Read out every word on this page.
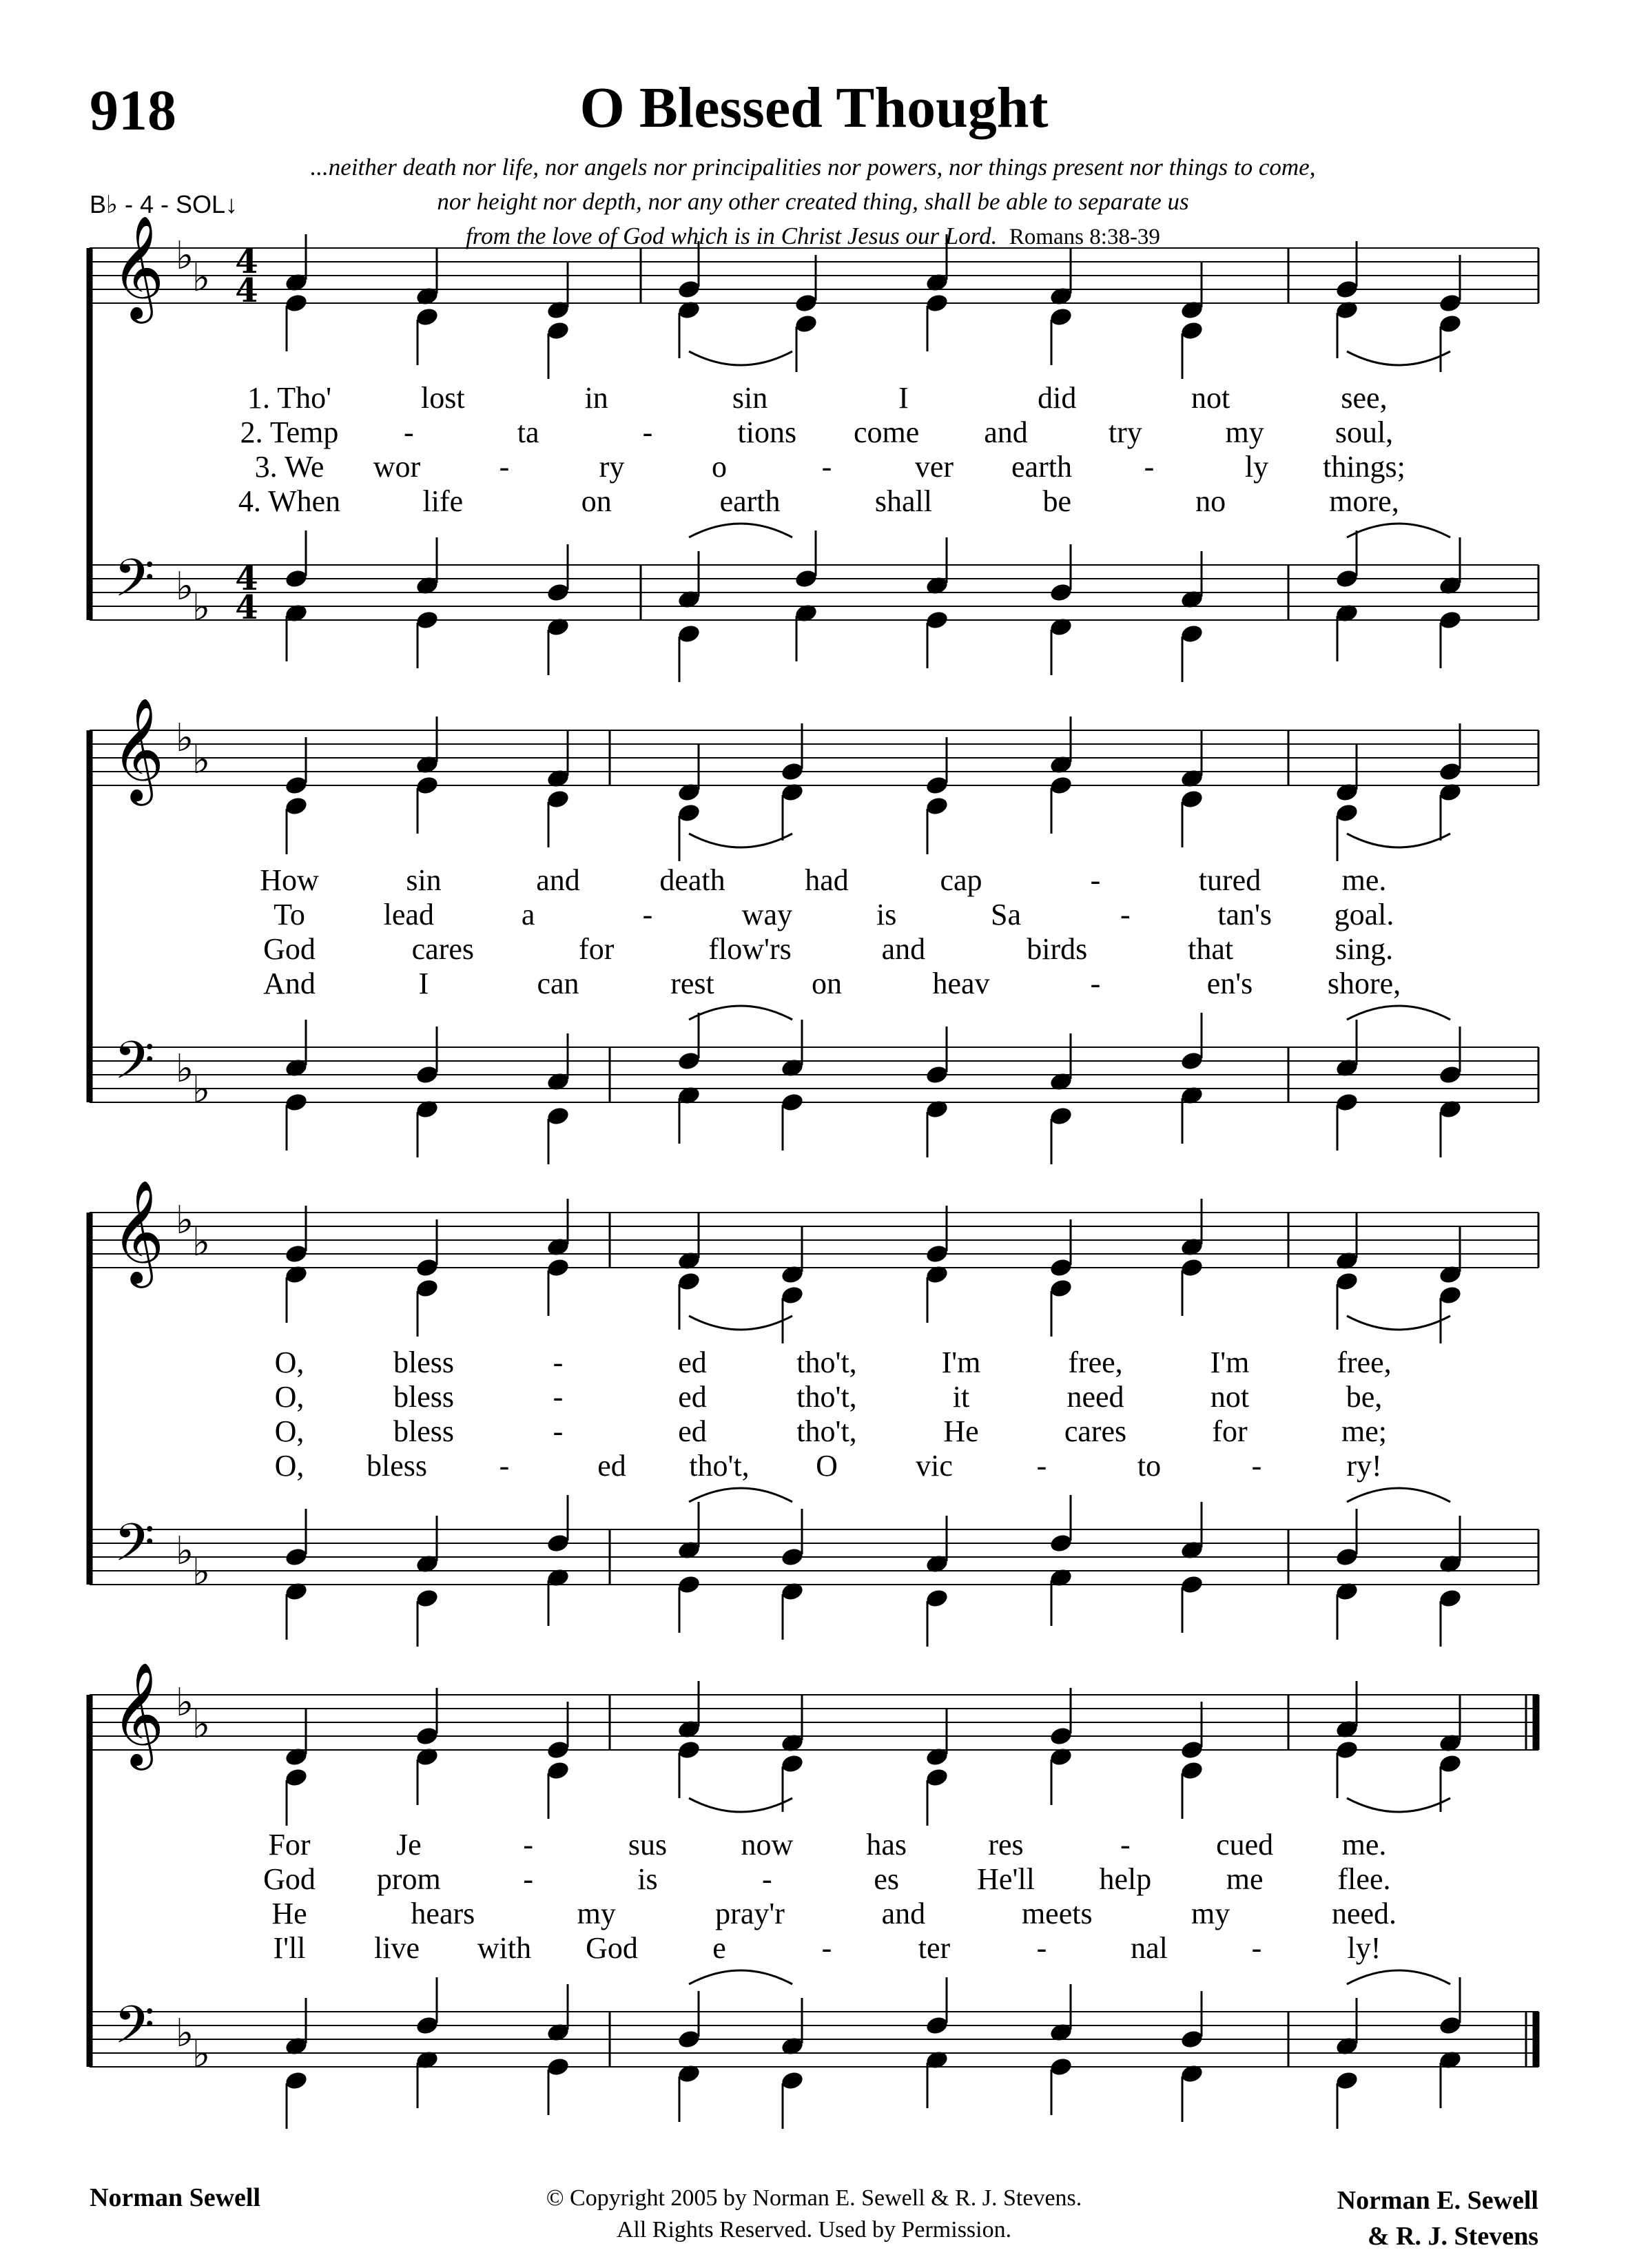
918	O Blessed Thought
B♭ - 4 - SOL↓
...neither death nor life, nor angels nor principalities nor powers, nor things present nor things to come,
nor height nor depth, nor any other created thing, shall be able to separate us
from the love of God which is in Christ Jesus our Lord. Romans 8:38-39
𝄞
𝄢
♭
♭
♭
♭
4
4
4
4
𝄞
𝄢
♭
♭
♭
♭
𝄞
𝄢
♭
♭
♭
♭
𝄞
𝄢
♭
♭
♭
♭
1. Tho'	lost	in	sin	I	did	not	see,
2. Temp -	ta	-	tions come and	try	my soul,
3. We wor	-	ry	o	-	ver earth -	ly things;
4. When	life	on	earth	shall	be	no	more,
How	sin	and	death	had	cap	-	tured	me.
To	lead	a	-	way	is	Sa	-	tan's goal.
God	cares	for	flow'rs	and	birds	that	sing.
And	I	can	rest	on	heav	-	en's shore,
O,	bless	-	ed	tho't,	I'm	free,	I'm	free,
O,	bless	-	ed	tho't,	it	need	not	be,
O,	bless	-	ed	tho't,	He	cares	for	me;
O, bless -	ed tho't, O	vic	-	to	-	ry!
For	Je	-	sus now has	res	-	cued me.
God prom	-	is	-	es	He'll help me flee.
He	hears	my	pray'r	and	meets	my	need.
I'll live with God e	-	ter	-	nal	-	ly!
Norman Sewell	© Copyright 2005 by Norman E. Sewell & R. J. Stevens.
All Rights Reserved. Used by Permission.
Norman E. Sewell
& R. J. Stevens
